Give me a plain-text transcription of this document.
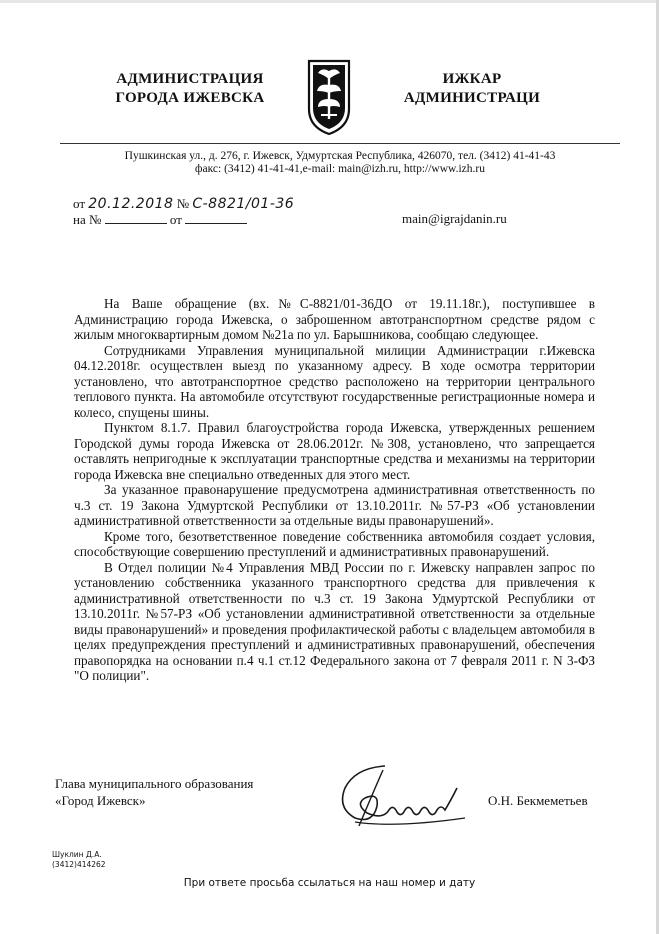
АДМИНИСТРАЦИЯ
ГОРОДА ИЖЕВСКА
ИЖКАР
АДМИНИСТРАЦИ
Пушкинская ул., д. 276, г. Ижевск, Удмуртская Республика, 426070, тел. (3412) 41-41-43
факс: (3412) 41-41-41,e-mail: main@izh.ru, http://www.izh.ru
от 20.12.2018 № С-8821/01-36
на №	от	main@igrajdanin.ru

На Ваше обращение (вх.№С-8821/01-36ДО от 19.11.18г.), поступившее в Администрацию города Ижевска, о заброшенном автотранспортном средстве рядом с жилым многоквартирным домом №21а по ул. Барышникова, сообщаю следующее.

Сотрудниками Управления муниципальной милиции Администрации г.Ижевска 04.12.2018г. осуществлен выезд по указанному адресу. В ходе осмотра территории установлено, что автотранспортное средство расположено на территории центрального теплового пункта. На автомобиле отсутствуют государственные регистрационные номера и колесо, спущены шины.

Пунктом 8.1.7. Правил благоустройства города Ижевска, утвержденных решением Городской думы города Ижевска от 28.06.2012г. №308, установлено, что запрещается оставлять непригодные к эксплуатации транспортные средства и механизмы на территории города Ижевска вне специально отведенных для этого мест.

За указанное правонарушение предусмотрена административная ответственность по ч.3 ст. 19 Закона Удмуртской Республики от 13.10.2011г. №57-РЗ «Об установлении административной ответственности за отдельные виды правонарушений».

Кроме того, безответственное поведение собственника автомобиля создает условия, способствующие совершению преступлений и административных правонарушений.

В Отдел полиции №4 Управления МВД России по г. Ижевску направлен запрос по установлению собственника указанного транспортного средства для привлечения к административной ответственности по ч.3 ст. 19 Закона Удмуртской Республики от 13.10.2011г. №57-РЗ «Об установлении административной ответственности за отдельные виды правонарушений» и проведения профилактической работы с владельцем автомобиля в целях предупреждения преступлений и административных правонарушений, обеспечения правопорядка на основании п.4 ч.1 ст.12 Федерального закона от 7 февраля 2011 г. N 3-ФЗ "О полиции".

Глава муниципального образования
«Город Ижевск»	О.Н. Бекмеметьев
Шуклин Д.А.
(3412)414262
При ответе просьба ссылаться на наш номер и дату
